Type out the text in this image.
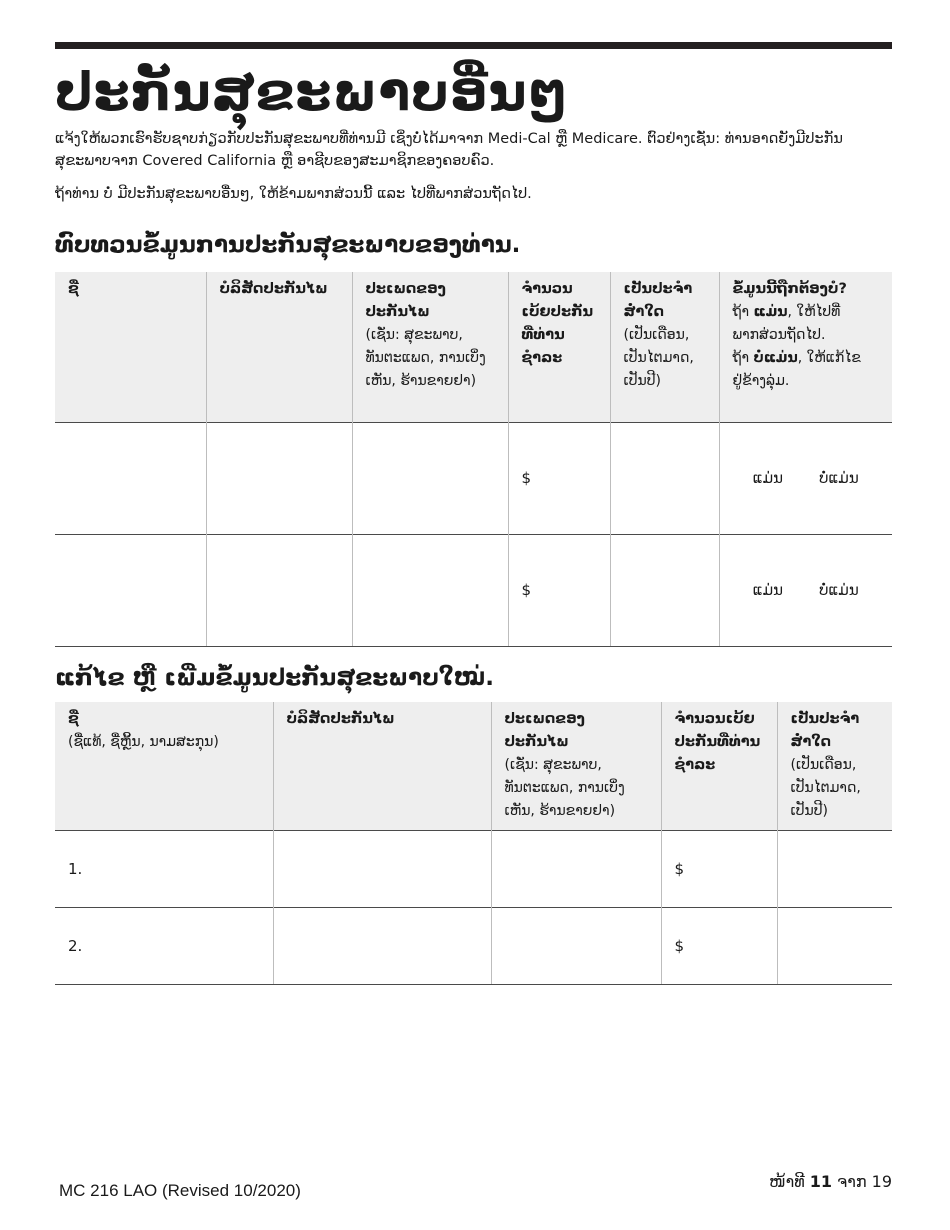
ປະກັນສຸຂະພາບອື່ນໆ

ແຈ້ງໃຫ້ພວກເຮົາຮັບຊາບກ່ຽວກັບປະກັນສຸຂະພາບທີ່ທ່ານມີ ເຊິ່ງບໍ່ໄດ້ມາຈາກ Medi-Cal ຫຼື Medicare. ຕົວຢ່າງເຊັ່ນ: ທ່ານອາດຍັງມີປະກັນສຸຂະພາບຈາກ Covered California ຫຼື ອາຊີບຂອງສະມາຊິກຂອງຄອບຄົວ.

ຖ້າທ່ານ ບໍ່ ມີປະກັນສຸຂະພາບອື່ນໆ, ໃຫ້ຂ້າມພາກສ່ວນນີ້ ແລະ ໄປທີ່ພາກສ່ວນຖັດໄປ.

ທົບທວນຂໍ້ມູນການປະກັນສຸຂະພາບຂອງທ່ານ.
ຊື່	ບໍລິສັດປະກັນໄພ	ປະເພດຂອງປະກັນໄພ
(ເຊັ່ນ: ສຸຂະພາບ, ທັນຕະແພດ, ການເບິ່ງເຫັນ, ຮ້ານຂາຍຢາ)	ຈຳນວນເບ້ຍປະກັນທີ່ທ່ານຊຳລະ	ເປັນປະຈຳສໍ່າໃດ
(ເປັນເດືອນ, ເປັນໄຕມາດ, ເປັນປີ)	ຂໍ້ມູນນີ້ຖືກຕ້ອງບໍ?
ຖ້າ ແມ່ນ, ໃຫ້ໄປທີ່ພາກສ່ວນຖັດໄປ.
ຖ້າ ບໍ່ແມ່ນ, ໃຫ້ແກ້ໄຂຢູ່ຂ້າງລຸ່ມ.

			$		ແມ່ນ ບໍ່ແມ່ນ

			$		ແມ່ນ ບໍ່ແມ່ນ
ແກ້ໄຂ ຫຼື ເພີ່ມຂໍ້ມູນປະກັນສຸຂະພາບໃໝ່.
ຊື່
(ຊື່ແທ້, ຊື່ຫຼິ້ນ, ນາມສະກຸນ)	ບໍລິສັດປະກັນໄພ	ປະເພດຂອງປະກັນໄພ
(ເຊັ່ນ: ສຸຂະພາບ, ທັນຕະແພດ, ການເບິ່ງເຫັນ, ຮ້ານຂາຍຢາ)	ຈຳນວນເບ້ຍປະກັນທີ່ທ່ານຊຳລະ	ເປັນປະຈຳສໍ່າໃດ
(ເປັນເດືອນ, ເປັນໄຕມາດ, ເປັນປີ)

1.			$	
2.			$	
MC 216 LAO (Revised 10/2020)	ໜ້າທີ 11 ຈາກ 19
